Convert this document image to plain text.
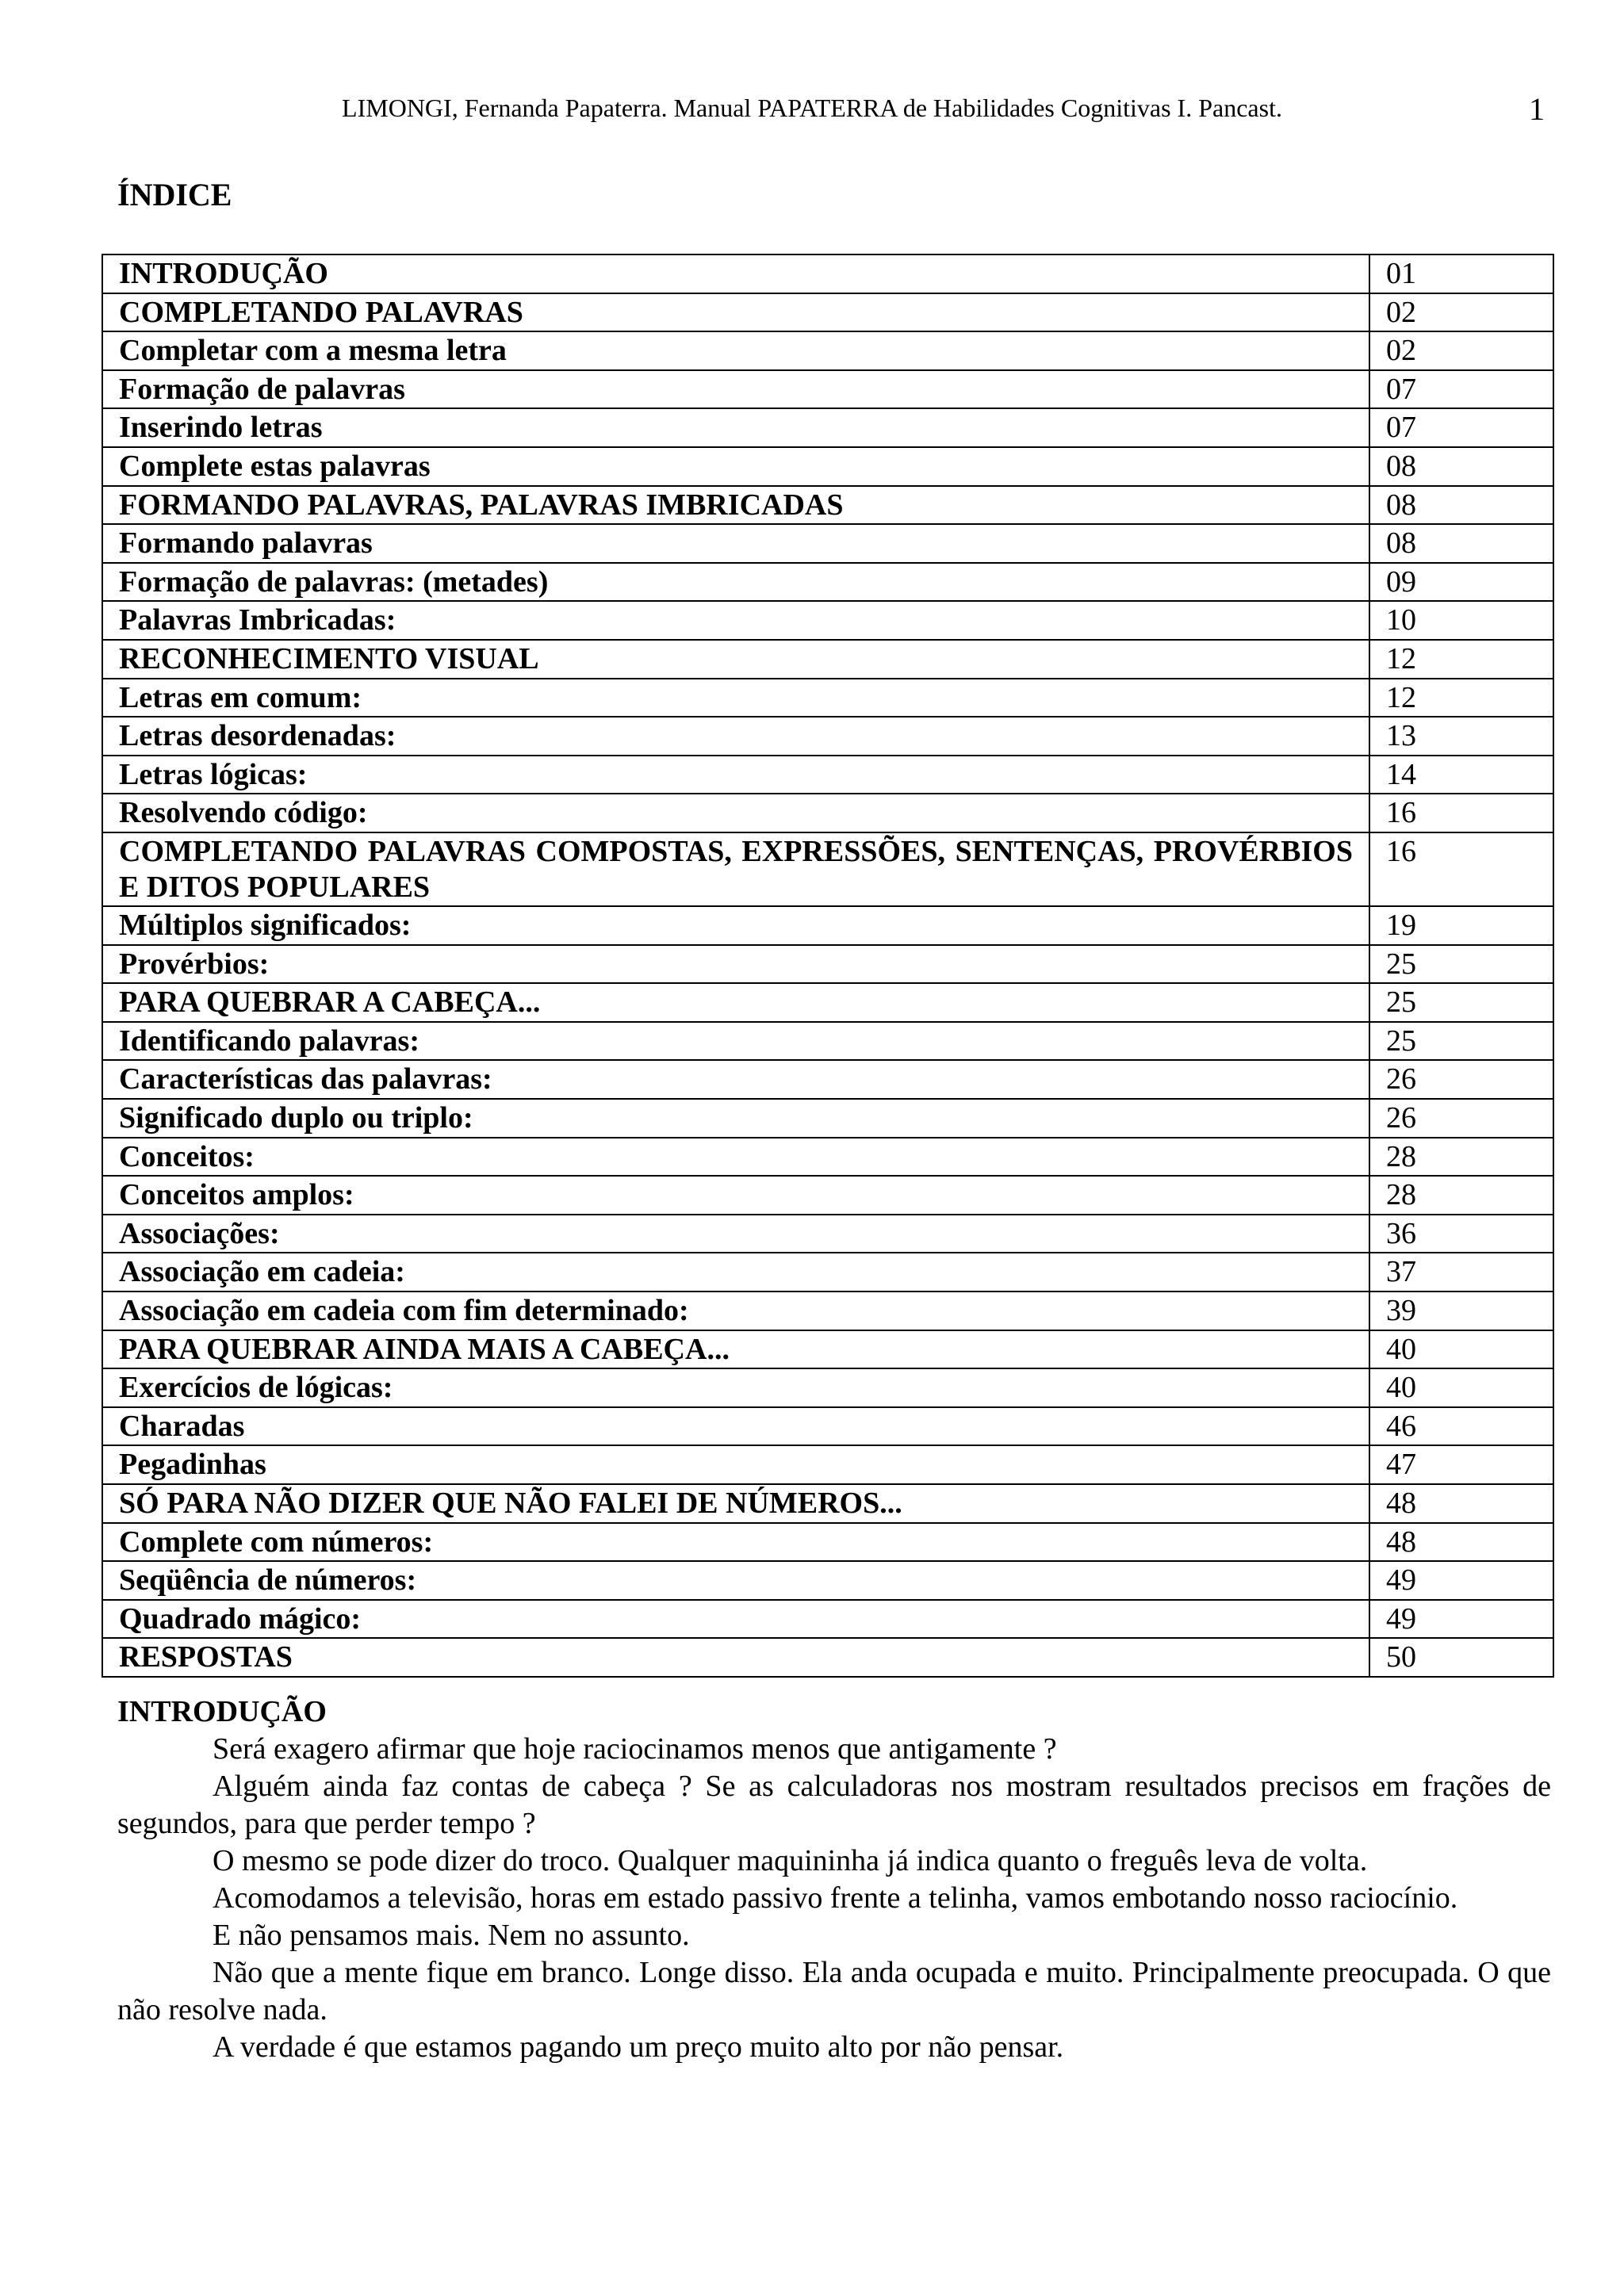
LIMONGI, Fernanda Papaterra. Manual PAPATERRA de Habilidades Cognitivas I. Pancast.	1
ÍNDICE
INTRODUÇÃO	01
COMPLETANDO PALAVRAS	02
Completar com a mesma letra	02
Formação de palavras	07
Inserindo letras	07
Complete estas palavras	08
FORMANDO PALAVRAS, PALAVRAS IMBRICADAS	08
Formando palavras	08
Formação de palavras: (metades)	09
Palavras Imbricadas:	10
RECONHECIMENTO VISUAL	12
Letras em comum:	12
Letras desordenadas:	13
Letras lógicas:	14
Resolvendo código:	16
COMPLETANDO PALAVRAS COMPOSTAS, EXPRESSÕES, SENTENÇAS, PROVÉRBIOS E DITOS POPULARES	16
Múltiplos significados:	19
Provérbios:	25
PARA QUEBRAR A CABEÇA...	25
Identificando palavras:	25
Características das palavras:	26
Significado duplo ou triplo:	26
Conceitos:	28
Conceitos amplos:	28
Associações:	36
Associação em cadeia:	37
Associação em cadeia com fim determinado:	39
PARA QUEBRAR AINDA MAIS A CABEÇA...	40
Exercícios de lógicas:	40
Charadas	46
Pegadinhas	47
SÓ PARA NÃO DIZER QUE NÃO FALEI DE NÚMEROS...	48
Complete com números:	48
Seqüência de números:	49
Quadrado mágico:	49
RESPOSTAS	50
INTRODUÇÃO

Será exagero afirmar que hoje raciocinamos menos que antigamente ?

Alguém ainda faz contas de cabeça ? Se as calculadoras nos mostram resultados precisos em frações de segundos, para que perder tempo ?

O mesmo se pode dizer do troco. Qualquer maquininha já indica quanto o freguês leva de volta.

Acomodamos a televisão, horas em estado passivo frente a telinha, vamos embotando nosso raciocínio.

E não pensamos mais. Nem no assunto.

Não que a mente fique em branco. Longe disso. Ela anda ocupada e muito. Principalmente preocupada. O que não resolve nada.

A verdade é que estamos pagando um preço muito alto por não pensar.
